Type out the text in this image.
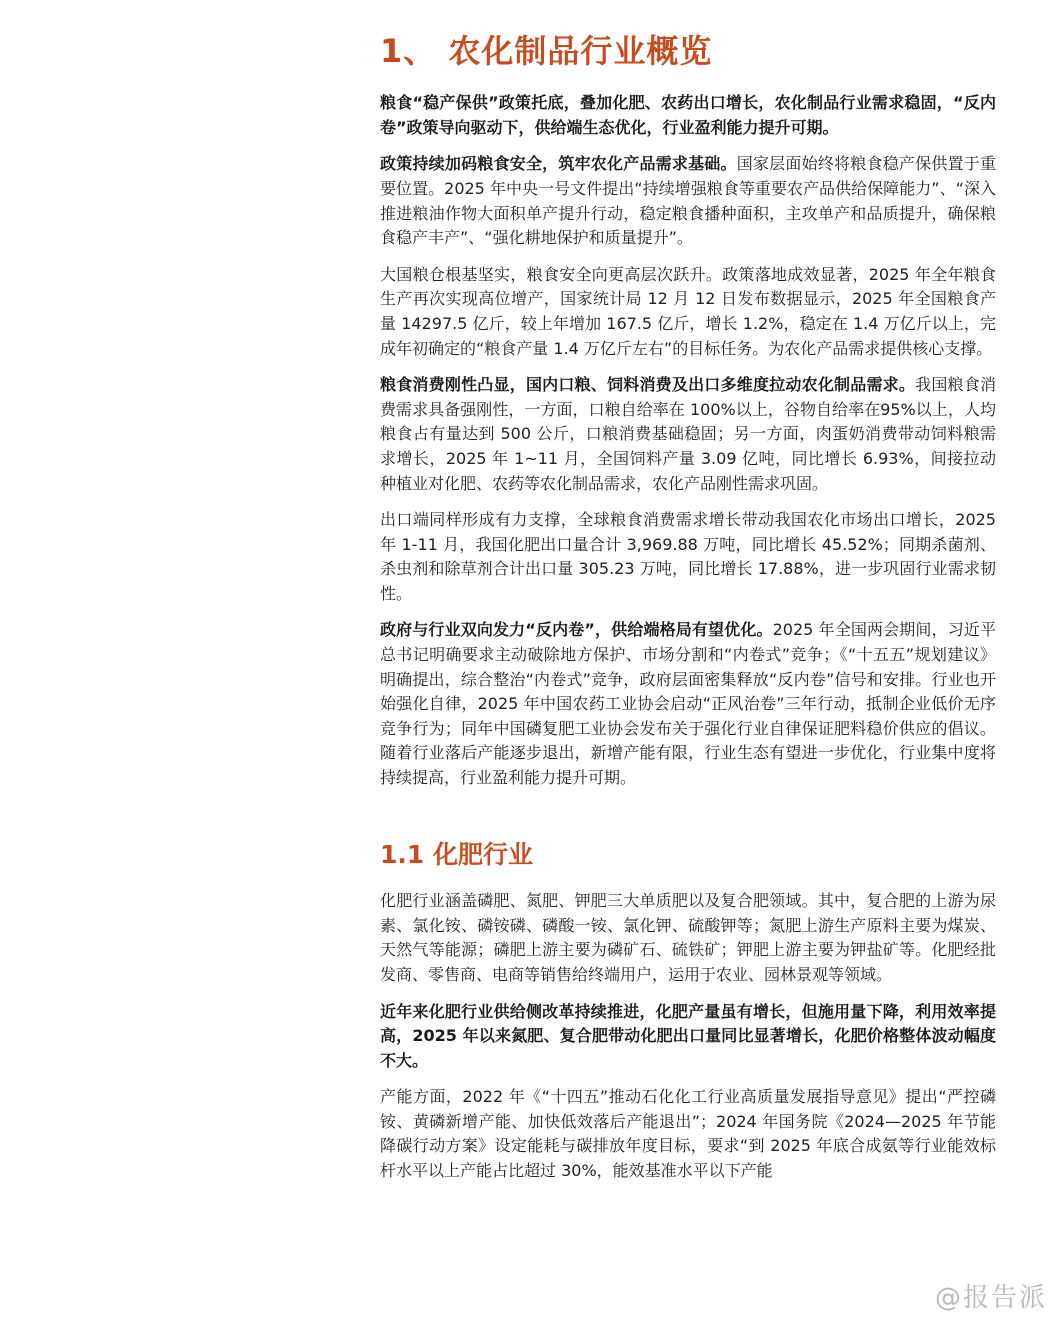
1、 农化制品行业概览

粮食“稳产保供”政策托底，叠加化肥、农药出口增长，农化制品行业需求稳固，“反内卷”政策导向驱动下，供给端生态优化，行业盈利能力提升可期。

政策持续加码粮食安全，筑牢农化产品需求基础。国家层面始终将粮食稳产保供置于重要位置。2025 年中央一号文件提出“持续增强粮食等重要农产品供给保障能力”、“深入推进粮油作物大面积单产提升行动，稳定粮食播种面积，主攻单产和品质提升，确保粮食稳产丰产”、“强化耕地保护和质量提升”。

大国粮仓根基坚实，粮食安全向更高层次跃升。政策落地成效显著，2025 年全年粮食生产再次实现高位增产，国家统计局 12 月 12 日发布数据显示，2025 年全国粮食产量 14297.5 亿斤，较上年增加 167.5 亿斤，增长 1.2%，稳定在 1.4 万亿斤以上，完成年初确定的“粮食产量 1.4 万亿斤左右”的目标任务。为农化产品需求提供核心支撑。

粮食消费刚性凸显，国内口粮、饲料消费及出口多维度拉动农化制品需求。我国粮食消费需求具备强刚性，一方面，口粮自给率在 100%以上，谷物自给率在95%以上，人均粮食占有量达到 500 公斤，口粮消费基础稳固；另一方面，肉蛋奶消费带动饲料粮需求增长，2025 年 1~11 月，全国饲料产量 3.09 亿吨，同比增长 6.93%，间接拉动种植业对化肥、农药等农化制品需求，农化产品刚性需求巩固。

出口端同样形成有力支撑，全球粮食消费需求增长带动我国农化市场出口增长，2025 年 1-11 月，我国化肥出口量合计 3,969.88 万吨，同比增长 45.52%；同期杀菌剂、杀虫剂和除草剂合计出口量 305.23 万吨，同比增长 17.88%，进一步巩固行业需求韧性。

政府与行业双向发力“反内卷”，供给端格局有望优化。2025 年全国两会期间，习近平总书记明确要求主动破除地方保护、市场分割和“内卷式”竞争；《“十五五”规划建议》明确提出，综合整治“内卷式”竞争，政府层面密集释放“反内卷”信号和安排。行业也开始强化自律，2025 年中国农药工业协会启动“正风治卷”三年行动，抵制企业低价无序竞争行为；同年中国磷复肥工业协会发布关于强化行业自律保证肥料稳价供应的倡议。随着行业落后产能逐步退出，新增产能有限，行业生态有望进一步优化，行业集中度将持续提高，行业盈利能力提升可期。

1.1 化肥行业

化肥行业涵盖磷肥、氮肥、钾肥三大单质肥以及复合肥领域。其中，复合肥的上游为尿素、氯化铵、磷铵磷、磷酸一铵、氯化钾、硫酸钾等；氮肥上游生产原料主要为煤炭、天然气等能源；磷肥上游主要为磷矿石、硫铁矿；钾肥上游主要为钾盐矿等。化肥经批发商、零售商、电商等销售给终端用户，运用于农业、园林景观等领域。

近年来化肥行业供给侧改革持续推进，化肥产量虽有增长，但施用量下降，利用效率提高，2025 年以来氮肥、复合肥带动化肥出口量同比显著增长，化肥价格整体波动幅度不大。

产能方面，2022 年《“十四五”推动石化化工行业高质量发展指导意见》提出“严控磷铵、黄磷新增产能、加快低效落后产能退出”；2024 年国务院《2024—2025 年节能降碳行动方案》设定能耗与碳排放年度目标，要求“到 2025 年底合成氨等行业能效标杆水平以上产能占比超过 30%，能效基准水平以下产能

@报告派
